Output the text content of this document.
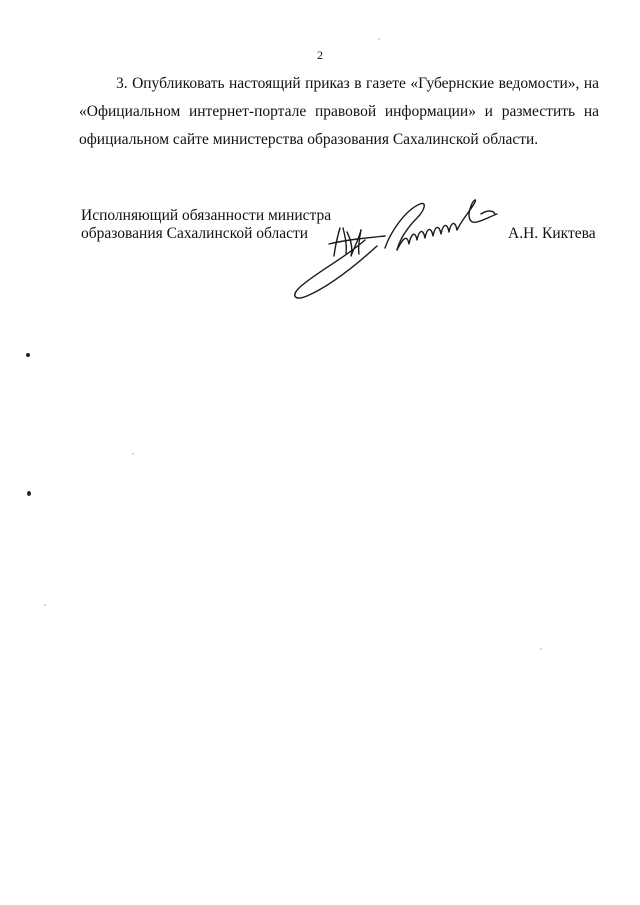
2
3. Опубликовать настоящий приказ в газете «Губернские ведомости», на «Официальном интернет-портале правовой информации» и разместить на официальном сайте министерства образования Сахалинской области.
Исполняющий обязанности министра
образования Сахалинской области	А.Н. Киктева
